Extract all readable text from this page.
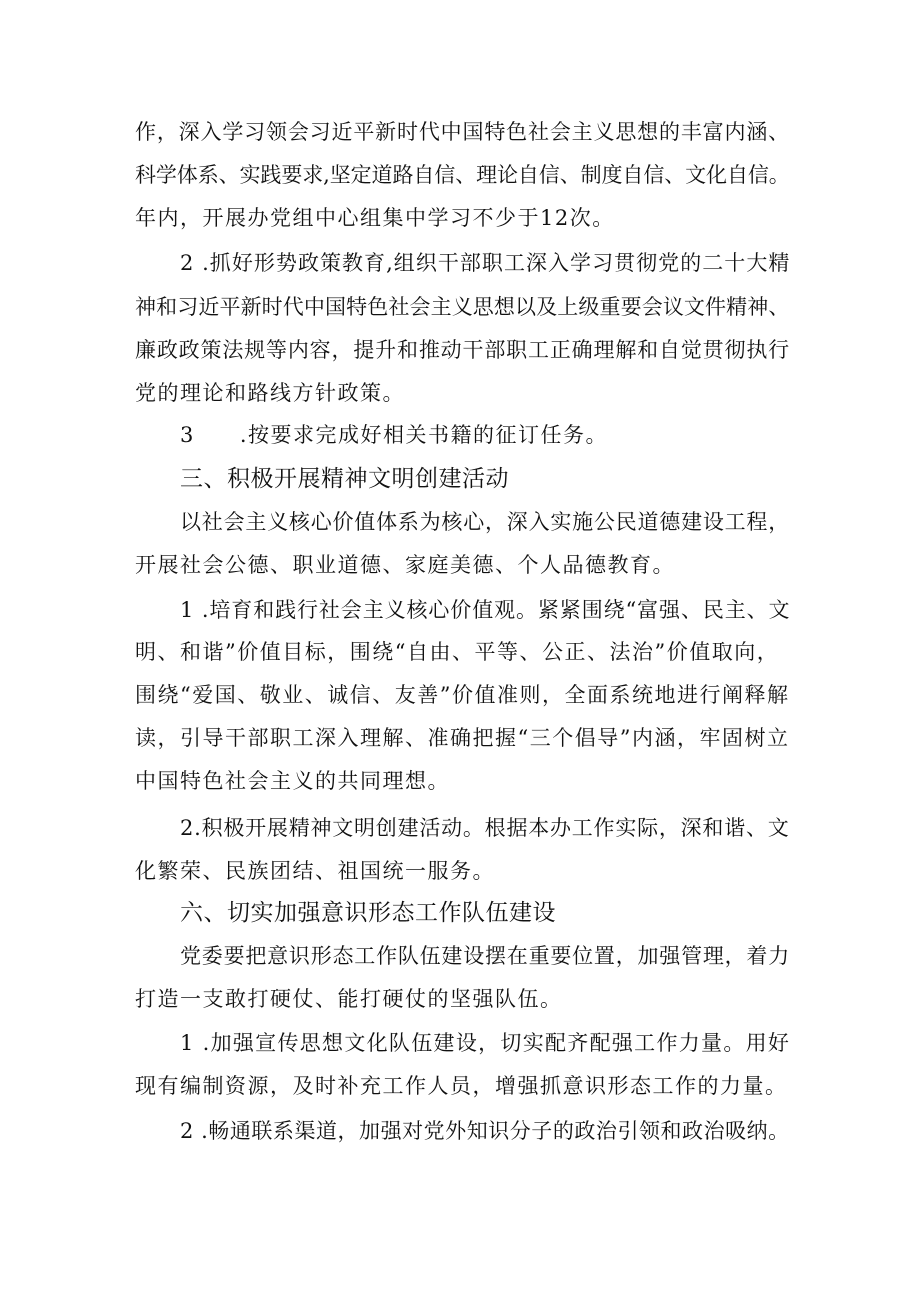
作，深入学习领会习近平新时代中国特色社会主义思想的丰富内涵、
科学体系、实践要求,坚定道路自信、理论自信、制度自信、文化自信。
年内，开展办党组中心组集中学习不少于12次。
2 .抓好形势政策教育,组织干部职工深入学习贯彻党的二十大精
神和习近平新时代中国特色社会主义思想以及上级重要会议文件精神、
廉政政策法规等内容，提升和推动干部职工正确理解和自觉贯彻执行
党的理论和路线方针政策。
3　　.按要求完成好相关书籍的征订任务。
三、积极开展精神文明创建活动
以社会主义核心价值体系为核心，深入实施公民道德建设工程，
开展社会公德、职业道德、家庭美德、个人品德教育。
1 .培育和践行社会主义核心价值观。紧紧围绕“富强、民主、文
明、和谐”价值目标，围绕“自由、平等、公正、法治”价值取向，
围绕“爱国、敬业、诚信、友善”价值准则，全面系统地进行阐释解
读，引导干部职工深入理解、准确把握“三个倡导”内涵，牢固树立
中国特色社会主义的共同理想。
2.积极开展精神文明创建活动。根据本办工作实际，深和谐、文
化繁荣、民族团结、祖国统一服务。
六、切实加强意识形态工作队伍建设
党委要把意识形态工作队伍建设摆在重要位置，加强管理，着力
打造一支敢打硬仗、能打硬仗的坚强队伍。
1 .加强宣传思想文化队伍建设，切实配齐配强工作力量。用好
现有编制资源，及时补充工作人员，增强抓意识形态工作的力量。
2 .畅通联系渠道，加强对党外知识分子的政治引领和政治吸纳。
